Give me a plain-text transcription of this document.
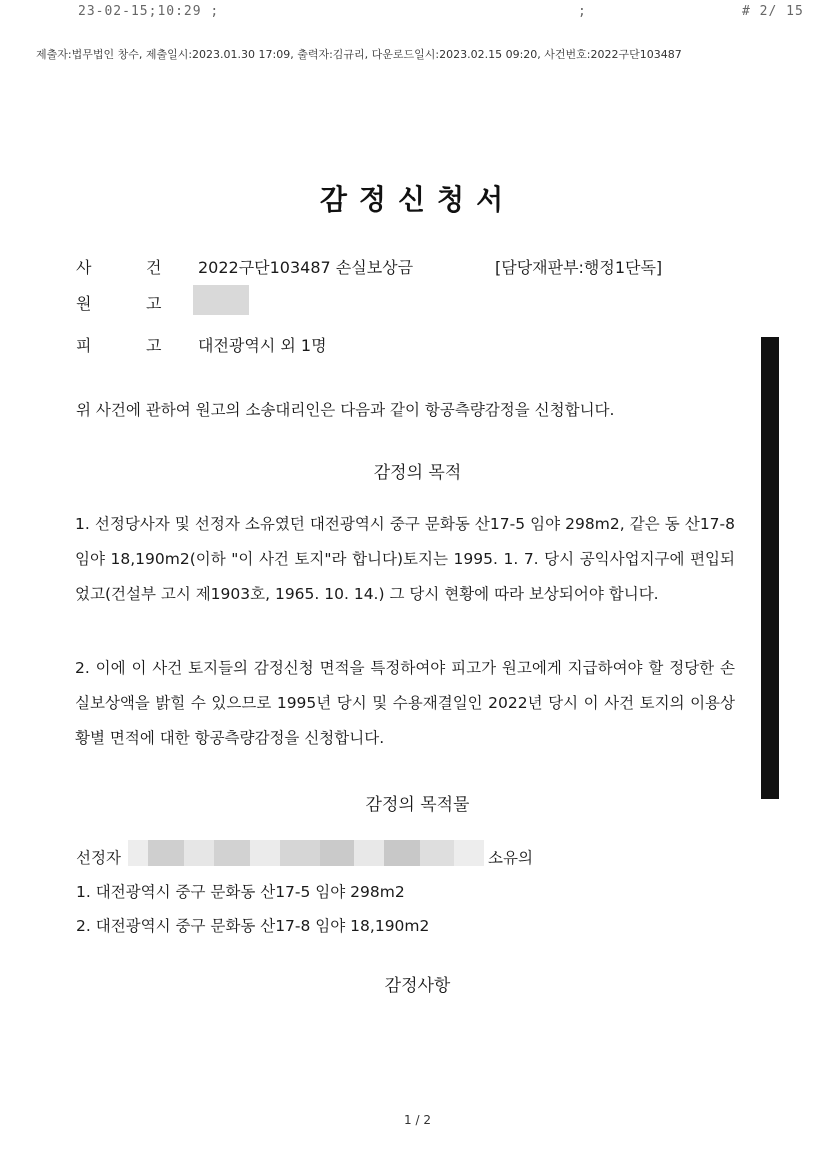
23-02-15;10:29 ;	;	# 2/ 15
제출자:법무법인 창수, 제출일시:2023.01.30 17:09, 출력자:김규리, 다운로드일시:2023.02.15 09:20, 사건번호:2022구단103487
감정신청서
사	건 2022구단103487 손실보상금	[담당재판부:행정1단독]
원	고
피	고 대전광역시 외 1명
위 사건에 관하여 원고의 소송대리인은 다음과 같이 항공측량감정을 신청합니다.
감정의 목적
1. 선정당사자 및 선정자 소유였던 대전광역시 중구 문화동 산17-5 임야 298m2, 같은 동 산17-8 임야 18,190m2(이하 "이 사건 토지"라 합니다)토지는 1995. 1. 7. 당시 공익사업지구에 편입되었고(건설부 고시 제1903호, 1965. 10. 14.) 그 당시 현황에 따라 보상되어야 합니다.
2. 이에 이 사건 토지들의 감정신청 면적을 특정하여야 피고가 원고에게 지급하여야 할 정당한 손실보상액을 밝힐 수 있으므로 1995년 당시 및 수용재결일인 2022년 당시 이 사건 토지의 이용상황별 면적에 대한 항공측량감정을 신청합니다.
감정의 목적물
선정자	소유의
1. 대전광역시 중구 문화동 산17-5 임야 298m2
2. 대전광역시 중구 문화동 산17-8 임야 18,190m2
감정사항
1 / 2
